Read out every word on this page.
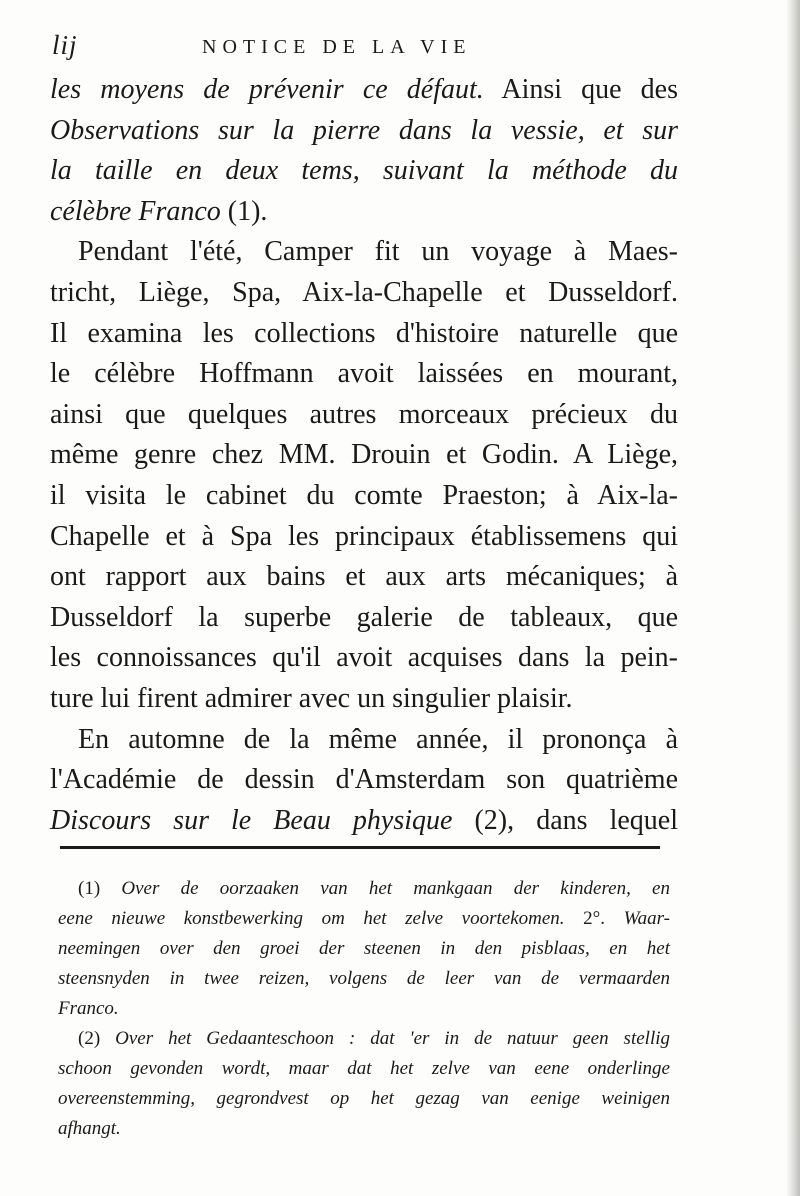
lij	NOTICE DE LA VIE
les moyens de prévenir ce défaut. Ainsi que des
Observations sur la pierre dans la vessie, et sur
la taille en deux tems, suivant la méthode du
célèbre Franco (1).
Pendant l'été, Camper fit un voyage à Maes-
tricht, Liège, Spa, Aix-la-Chapelle et Dusseldorf.
Il examina les collections d'histoire naturelle que
le célèbre Hoffmann avoit laissées en mourant,
ainsi que quelques autres morceaux précieux du
même genre chez MM. Drouin et Godin. A Liège,
il visita le cabinet du comte Praeston; à Aix-la-
Chapelle et à Spa les principaux établissemens qui
ont rapport aux bains et aux arts mécaniques; à
Dusseldorf la superbe galerie de tableaux, que
les connoissances qu'il avoit acquises dans la pein-
ture lui firent admirer avec un singulier plaisir.
En automne de la même année, il prononça à
l'Académie de dessin d'Amsterdam son quatrième
Discours sur le Beau physique (2), dans lequel
(1) Over de oorzaaken van het mankgaan der kinderen, en
eene nieuwe konstbewerking om het zelve voortekomen. 2°. Waar-
neemingen over den groei der steenen in den pisblaas, en het
steensnyden in twee reizen, volgens de leer van de vermaarden
Franco.
(2) Over het Gedaanteschoon : dat 'er in de natuur geen stellig
schoon gevonden wordt, maar dat het zelve van eene onderlinge
overeenstemming, gegrondvest op het gezag van eenige weinigen
afhangt.
